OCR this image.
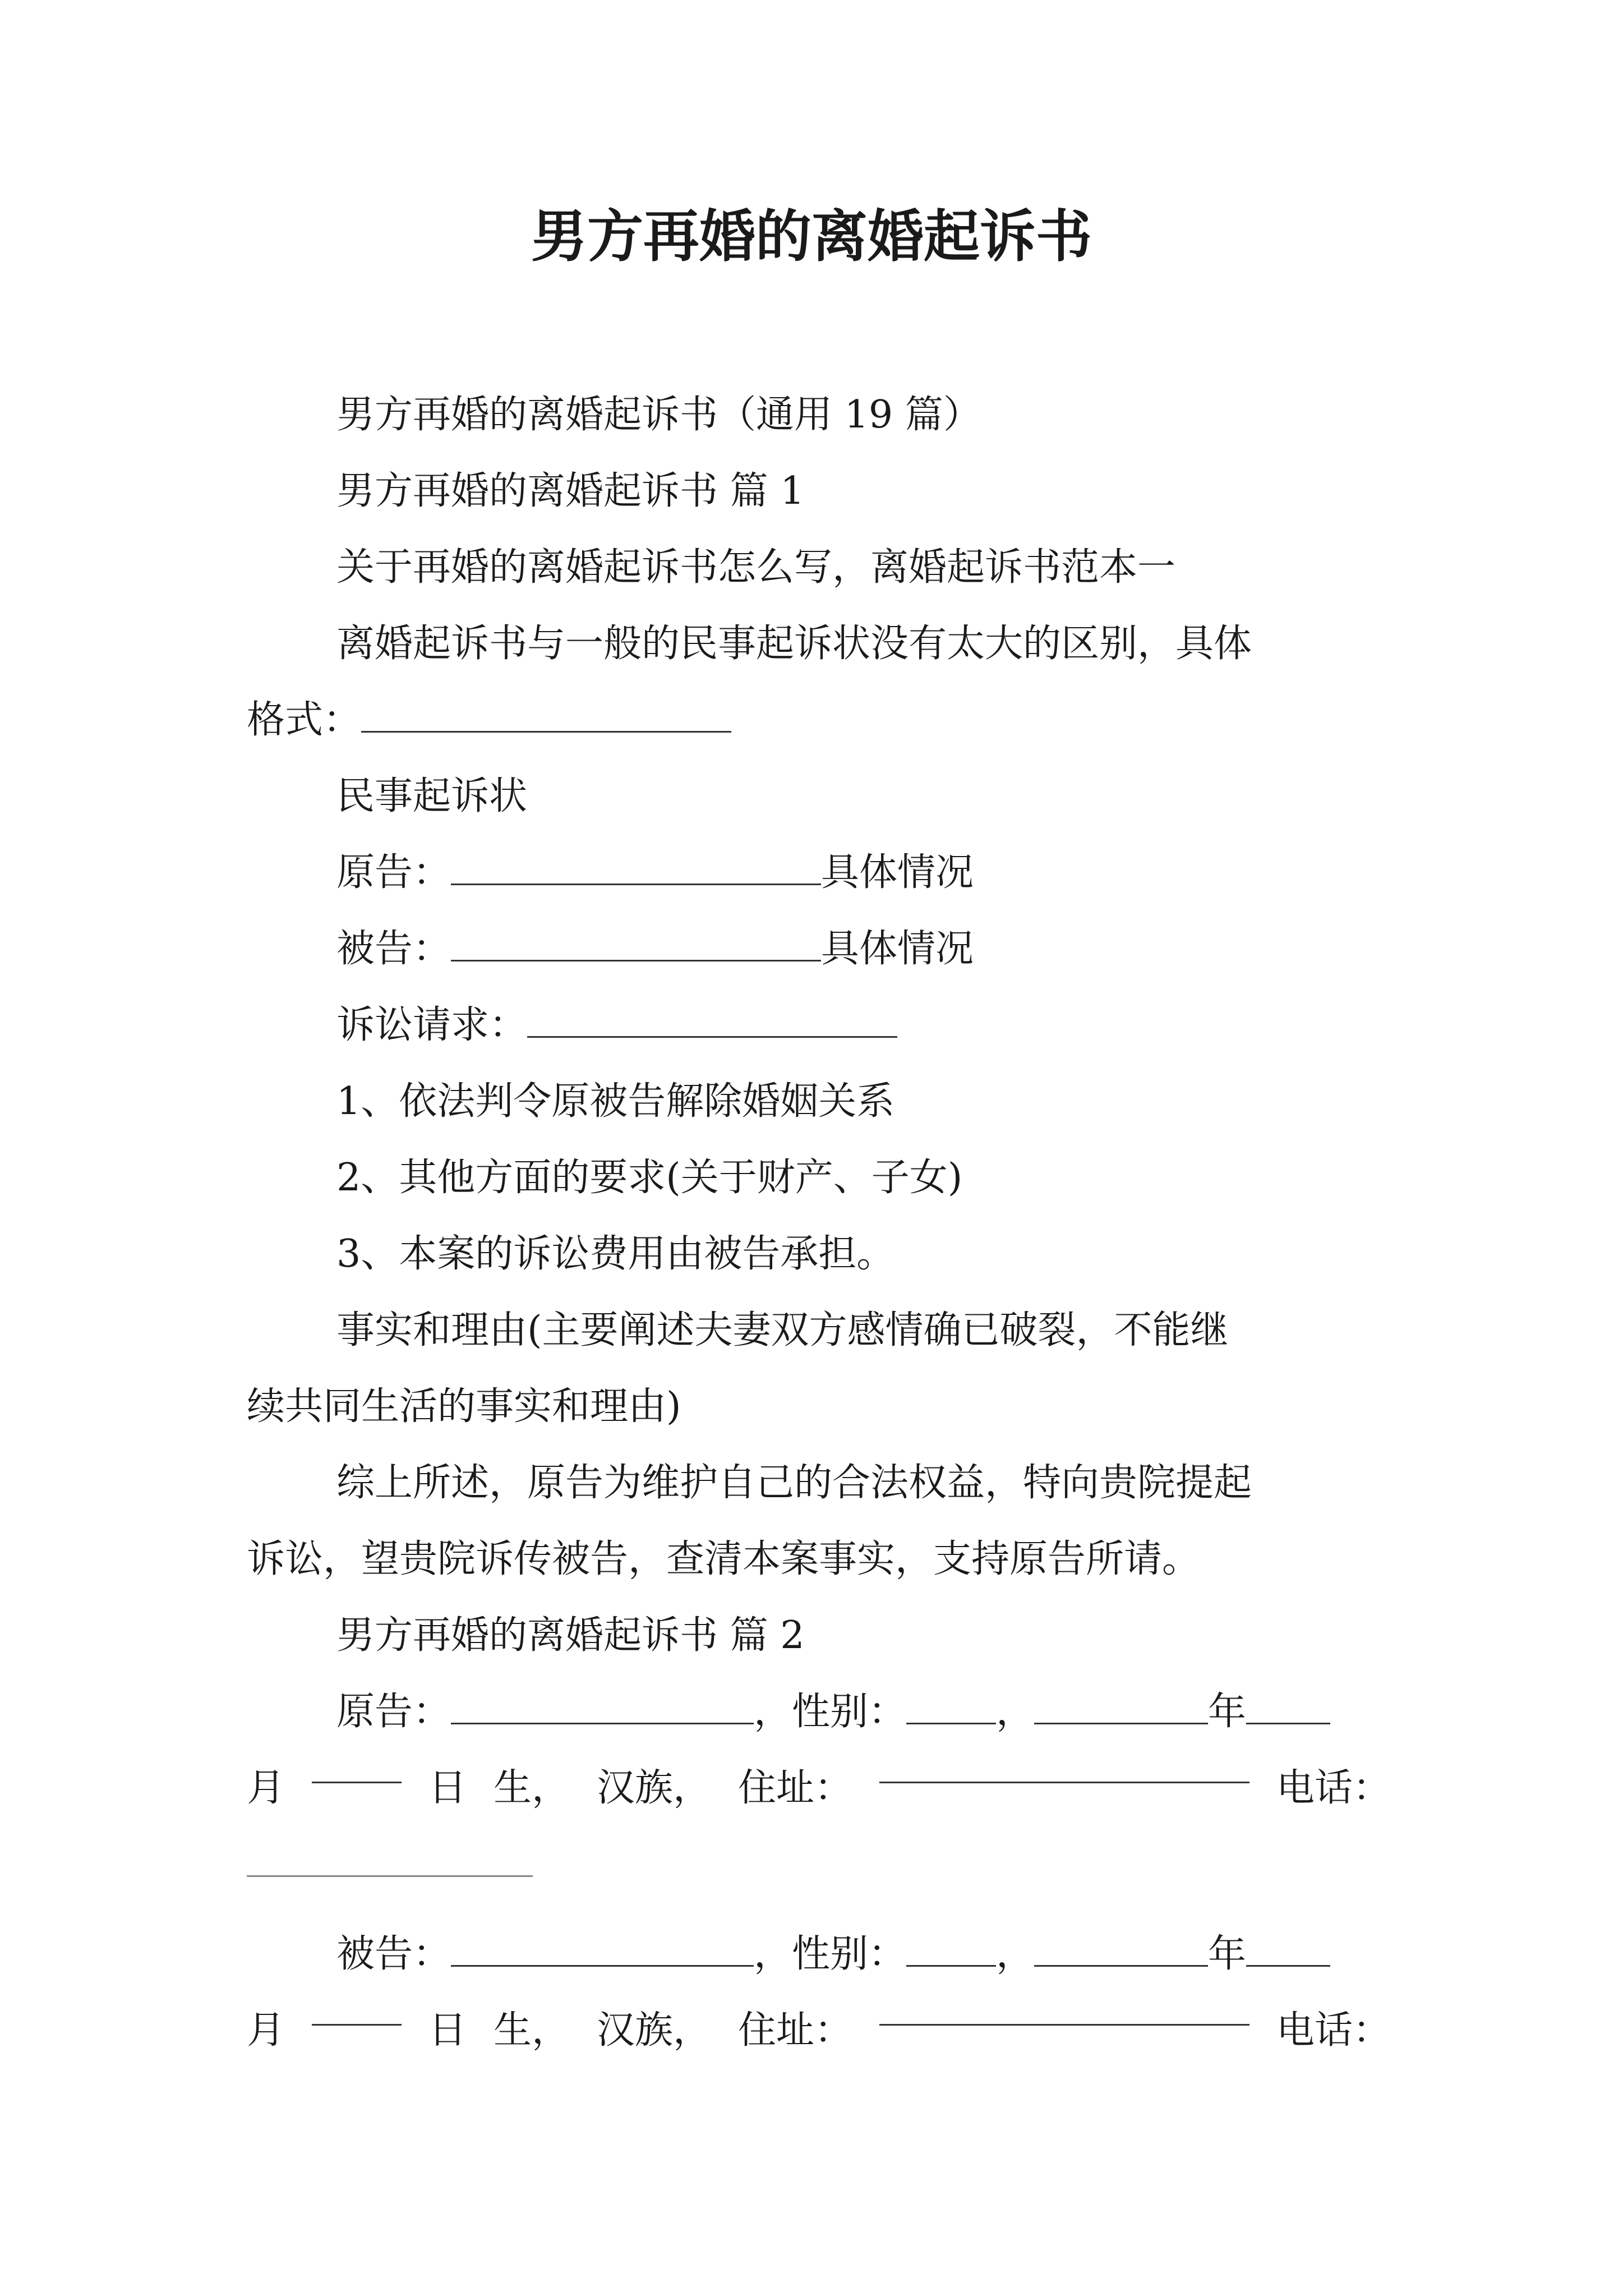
男方再婚的离婚起诉书

男方再婚的离婚起诉书（通用 19 篇）

男方再婚的离婚起诉书 篇 1

关于再婚的离婚起诉书怎么写，离婚起诉书范本一

离婚起诉书与一般的民事起诉状没有太大的区别，具体

格式：

民事起诉状

原告：	具体情况

被告：	具体情况

诉讼请求：

1、依法判令原被告解除婚姻关系

2、其他方面的要求(关于财产、子女)

3、本案的诉讼费用由被告承担。

事实和理由(主要阐述夫妻双方感情确已破裂，不能继

续共同生活的事实和理由)

综上所述，原告为维护自己的合法权益，特向贵院提起

诉讼，望贵院诉传被告，查清本案事实，支持原告所请。

男方再婚的离婚起诉书 篇 2

原告：	，性别： ，	年

月	日 生， 汉族， 住址：	电话：

被告：	，性别： ，	年

月	日 生， 汉族， 住址：	电话：
